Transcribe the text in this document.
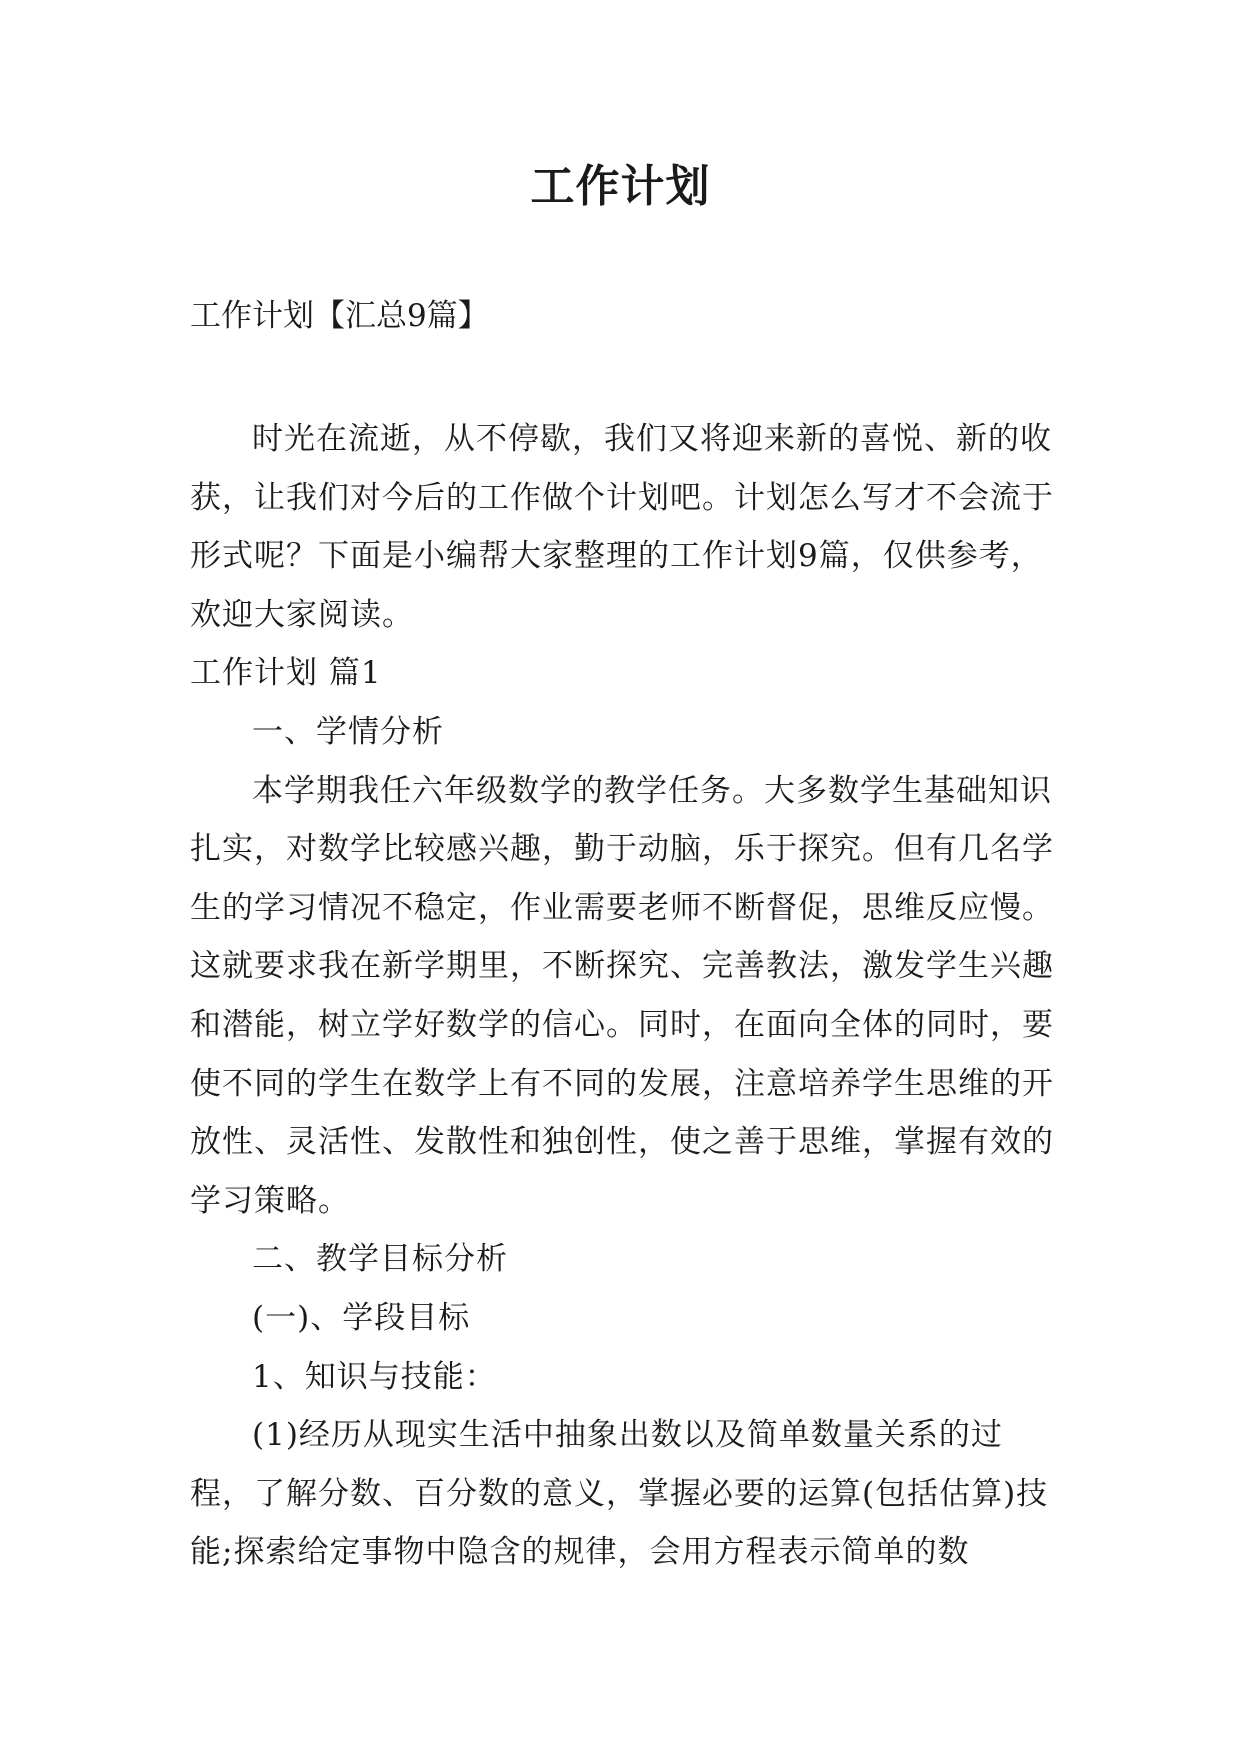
工作计划

工作计划【汇总9篇】

时光在流逝，从不停歇，我们又将迎来新的喜悦、新的收获，让我们对今后的工作做个计划吧。计划怎么写才不会流于形式呢？下面是小编帮大家整理的工作计划9篇，仅供参考，欢迎大家阅读。

工作计划 篇1

一、学情分析

本学期我任六年级数学的教学任务。大多数学生基础知识扎实，对数学比较感兴趣，勤于动脑，乐于探究。但有几名学生的学习情况不稳定，作业需要老师不断督促，思维反应慢。这就要求我在新学期里，不断探究、完善教法，激发学生兴趣和潜能，树立学好数学的信心。同时，在面向全体的同时，要使不同的学生在数学上有不同的发展，注意培养学生思维的开放性、灵活性、发散性和独创性，使之善于思维，掌握有效的学习策略。

二、教学目标分析

(一)、学段目标

1、知识与技能：

(1)经历从现实生活中抽象出数以及简单数量关系的过程，了解分数、百分数的意义，掌握必要的运算(包括估算)技能;探索给定事物中隐含的规律，会用方程表示简单的数
